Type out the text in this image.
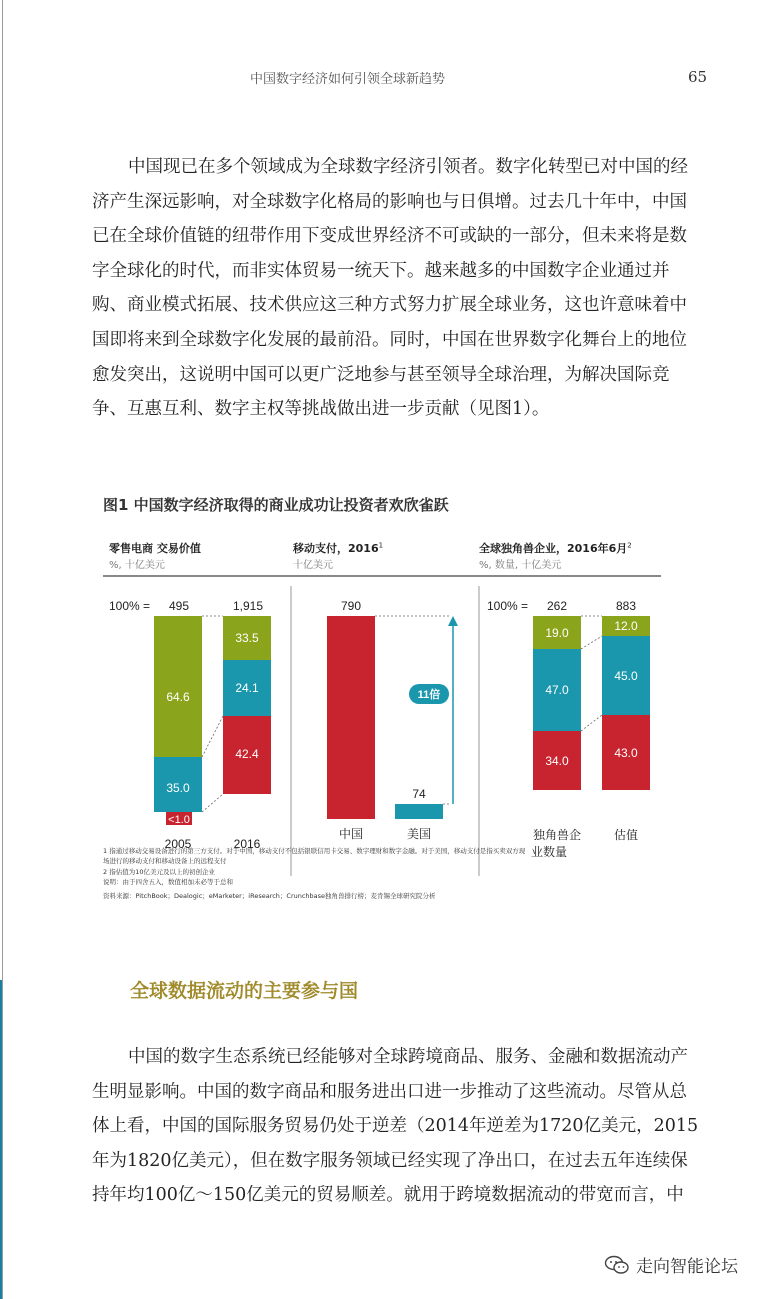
中国数字经济如何引领全球新趋势	65
中国现已在多个领域成为全球数字经济引领者。数字化转型已对中国的经
济产生深远影响，对全球数字化格局的影响也与日俱增。过去几十年中，中国
已在全球价值链的纽带作用下变成世界经济不可或缺的一部分，但未来将是数
字全球化的时代，而非实体贸易一统天下。越来越多的中国数字企业通过并
购、商业模式拓展、技术供应这三种方式努力扩展全球业务，这也许意味着中
国即将来到全球数字化发展的最前沿。同时，中国在世界数字化舞台上的地位
愈发突出，这说明中国可以更广泛地参与甚至领导全球治理，为解决国际竞
争、互惠互利、数字主权等挑战做出进一步贡献（见图1）。
图1 中国数字经济取得的商业成功让投资者欢欣雀跃
零售电商 交易价值
%, 十亿美元
移动支付，2016$^1$
十亿美元
全球独角兽企业，2016年6月$^2$
%, 数量, 十亿美元
100% = 495	1,915
64.6
35.0
<1.0
33.5
24.1
42.4
2005	2016
790
74
11倍
中国	美国
100% = 262	883
19.0
47.0
34.0
12.0
45.0
43.0
独角兽企
业数量
估值
1 指通过移动交易设备进行的第三方支付。对于中国，移动支付不包括银联信用卡交易、数字理财和数字金融。对于美国，移动支付是指买卖双方现
场进行的移动支付和移动设备上的远程支付
2 指估值为10亿美元及以上的初创企业
说明：由于四舍五入，数值相加未必等于总和
资料来源：PitchBook；Dealogic；eMarketer；iResearch；Crunchbase独角兽排行榜；麦肯锡全球研究院分析
全球数据流动的主要参与国
中国的数字生态系统已经能够对全球跨境商品、服务、金融和数据流动产
生明显影响。中国的数字商品和服务进出口进一步推动了这些流动。尽管从总
体上看，中国的国际服务贸易仍处于逆差（2014年逆差为1720亿美元，2015
年为1820亿美元），但在数字服务领域已经实现了净出口，在过去五年连续保
持年均100亿～150亿美元的贸易顺差。就用于跨境数据流动的带宽而言，中
走向智能论坛
